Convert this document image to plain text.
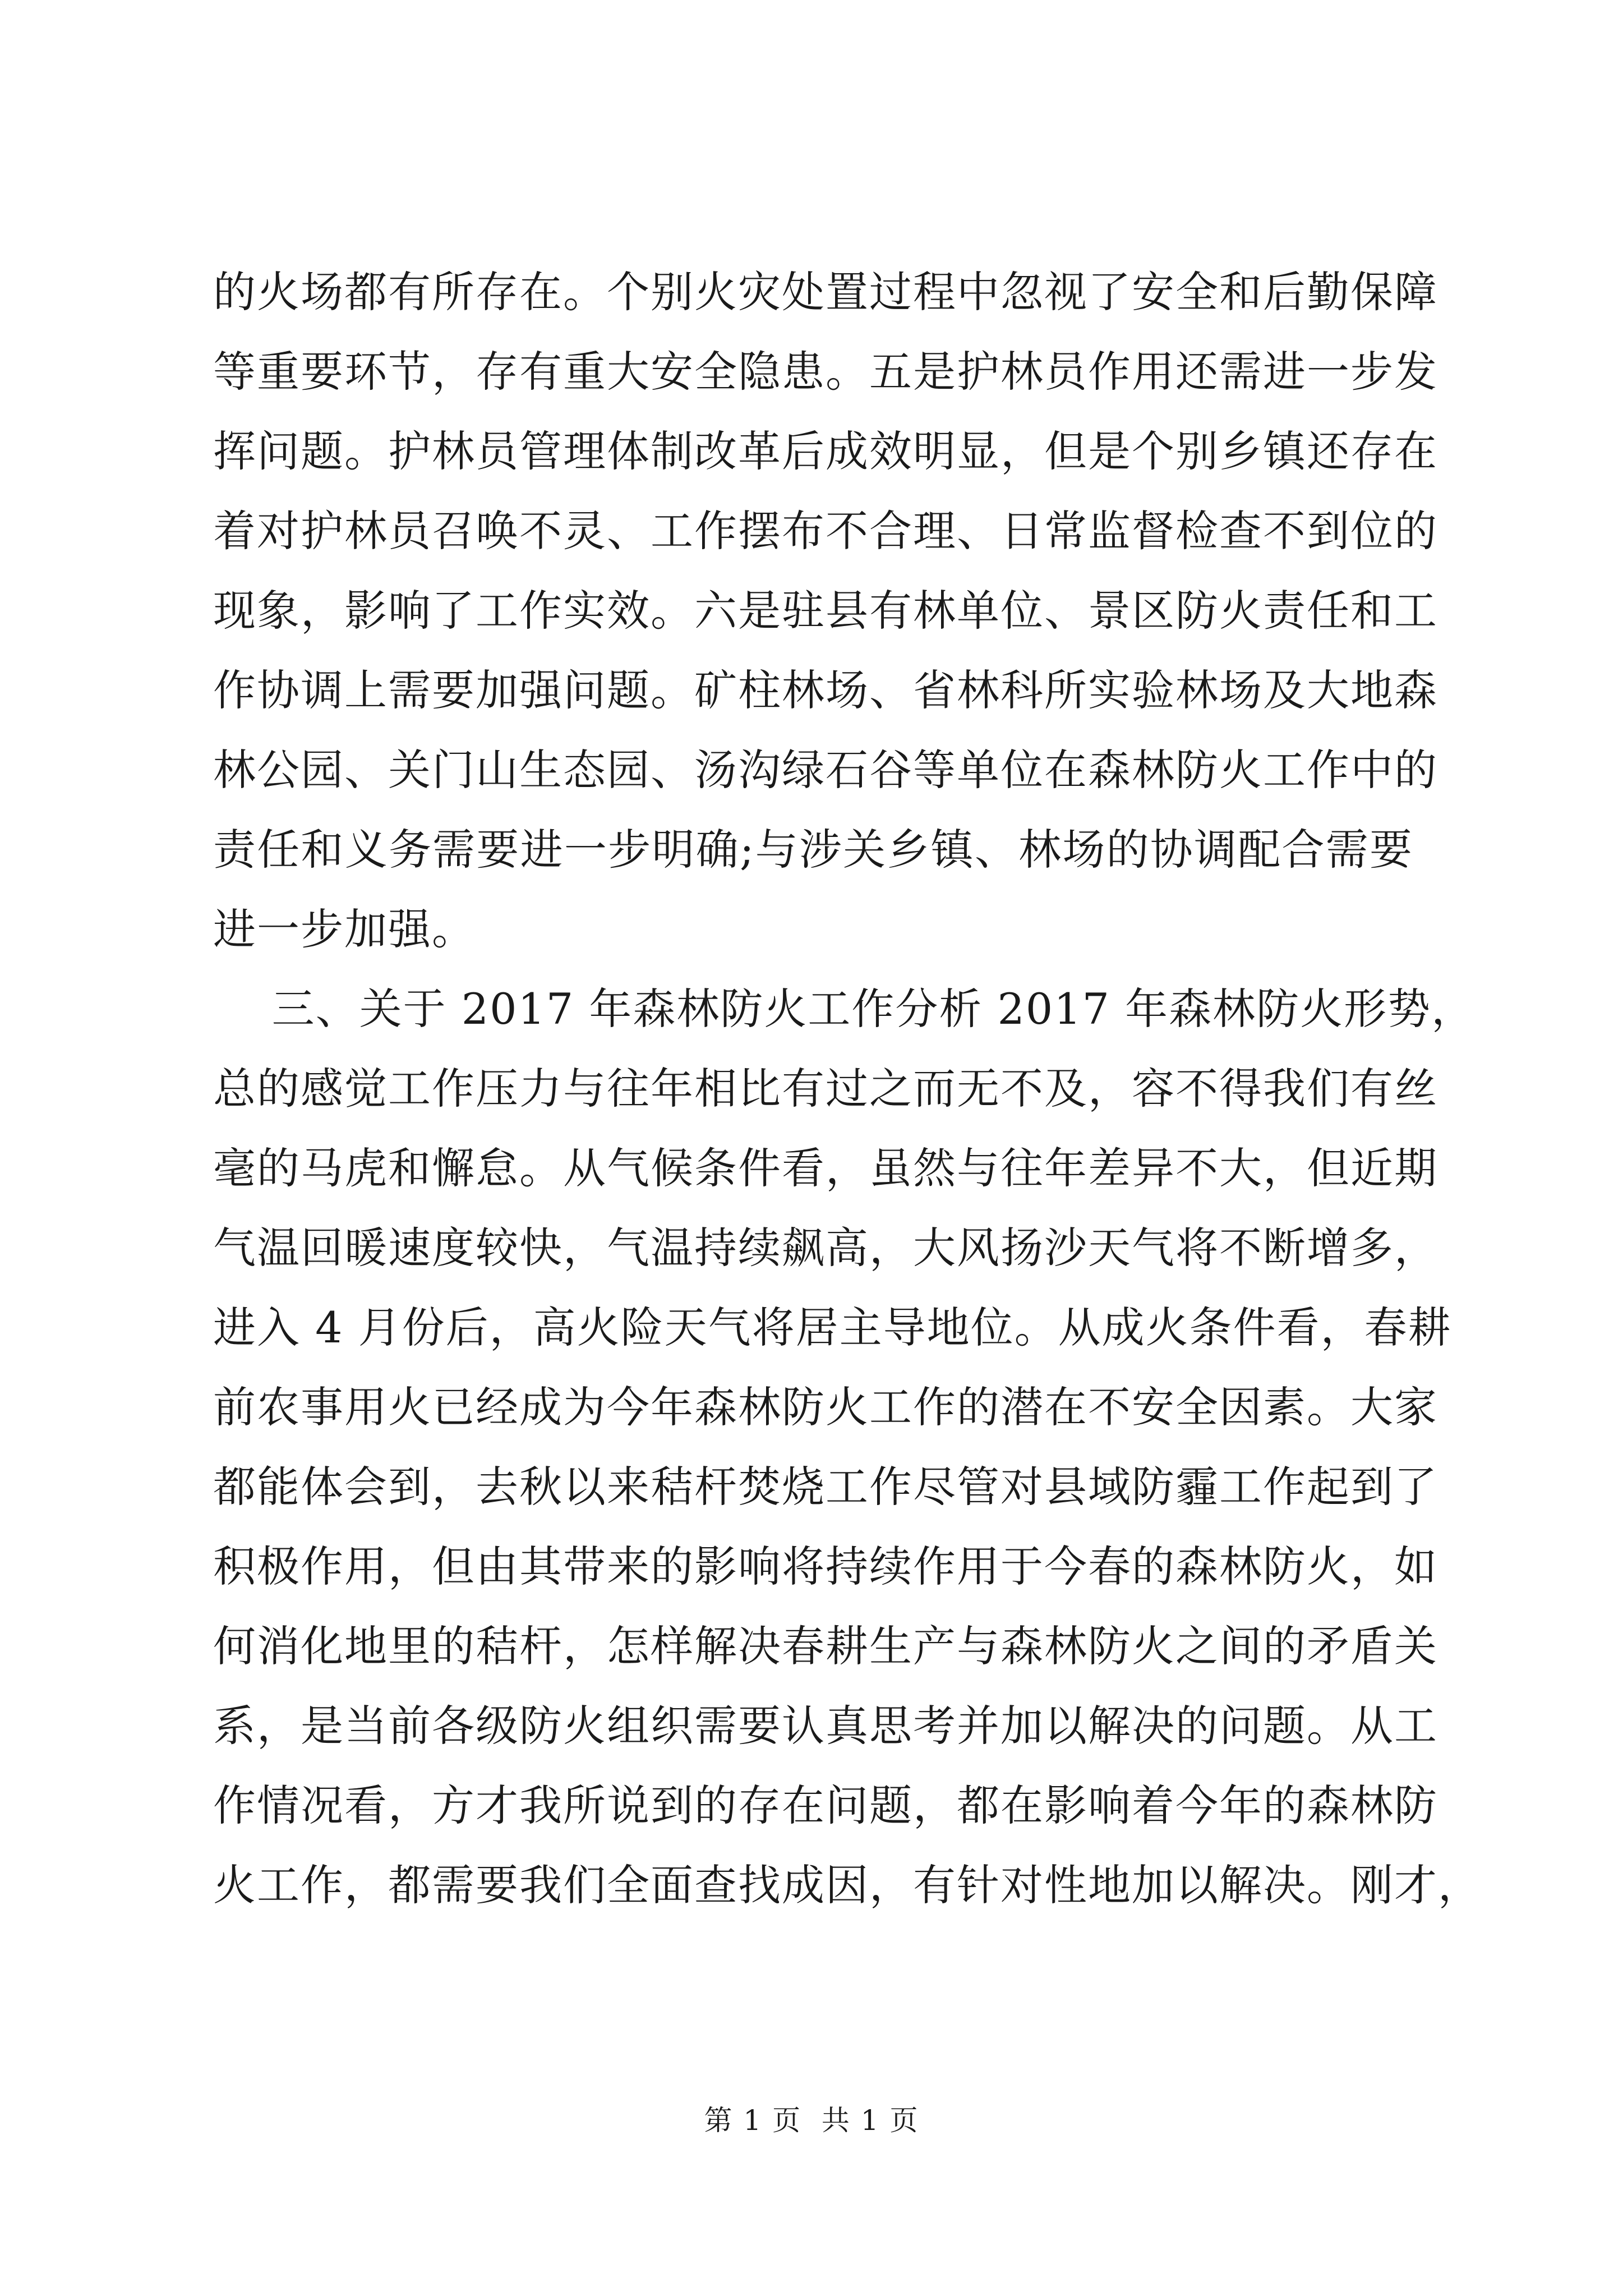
的火场都有所存在。个别火灾处置过程中忽视了安全和后勤保障
等重要环节，存有重大安全隐患。五是护林员作用还需进一步发
挥问题。护林员管理体制改革后成效明显，但是个别乡镇还存在
着对护林员召唤不灵、工作摆布不合理、日常监督检查不到位的
现象，影响了工作实效。六是驻县有林单位、景区防火责任和工
作协调上需要加强问题。矿柱林场、省林科所实验林场及大地森
林公园、关门山生态园、汤沟绿石谷等单位在森林防火工作中的
责任和义务需要进一步明确;与涉关乡镇、林场的协调配合需要
进一步加强。
三、关于 2017 年森林防火工作分析 2017 年森林防火形势，
总的感觉工作压力与往年相比有过之而无不及，容不得我们有丝
毫的马虎和懈怠。从气候条件看，虽然与往年差异不大，但近期
气温回暖速度较快，气温持续飙高，大风扬沙天气将不断增多，
进入 4 月份后，高火险天气将居主导地位。从成火条件看，春耕
前农事用火已经成为今年森林防火工作的潜在不安全因素。大家
都能体会到，去秋以来秸杆焚烧工作尽管对县域防霾工作起到了
积极作用，但由其带来的影响将持续作用于今春的森林防火，如
何消化地里的秸杆，怎样解决春耕生产与森林防火之间的矛盾关
系，是当前各级防火组织需要认真思考并加以解决的问题。从工
作情况看，方才我所说到的存在问题，都在影响着今年的森林防
火工作，都需要我们全面查找成因，有针对性地加以解决。刚才，
第 1 页  共 1 页
